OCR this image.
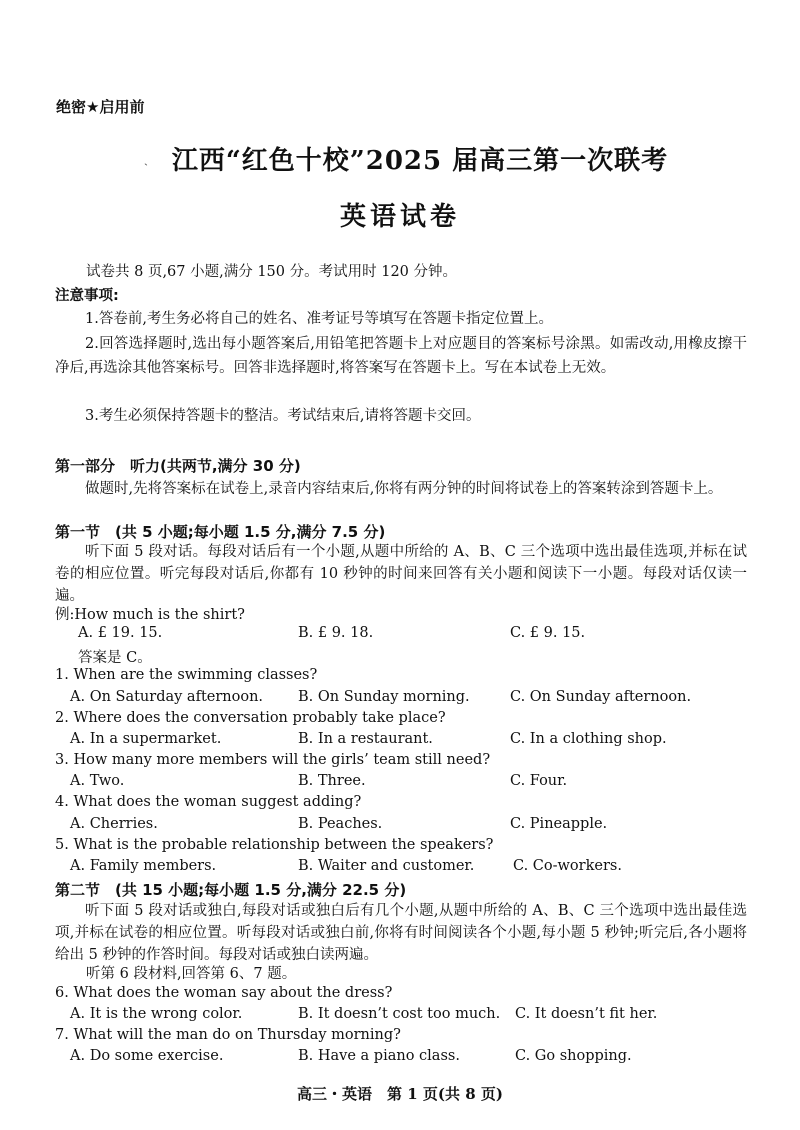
绝密★启用前
ˏ 江西“红色十校”2025 届高三第一次联考
英语试卷
试卷共 8 页,67 小题,满分 150 分。考试用时 120 分钟。
注意事项:
1.答卷前,考生务必将自己的姓名、准考证号等填写在答题卡指定位置上。
2.回答选择题时,选出每小题答案后,用铅笔把答题卡上对应题目的答案标号涂黑。如需改动,用橡皮擦干净后,再选涂其他答案标号。回答非选择题时,将答案写在答题卡上。写在本试卷上无效。
3.考生必须保持答题卡的整洁。考试结束后,请将答题卡交回。
第一部分　听力(共两节,满分 30 分)
做题时,先将答案标在试卷上,录音内容结束后,你将有两分钟的时间将试卷上的答案转涂到答题卡上。
第一节　(共 5 小题;每小题 1.5 分,满分 7.5 分)
听下面 5 段对话。每段对话后有一个小题,从题中所给的 A、B、C 三个选项中选出最佳选项,并标在试卷的相应位置。听完每段对话后,你都有 10 秒钟的时间来回答有关小题和阅读下一小题。每段对话仅读一遍。
例:How much is the shirt?
A. £ 19. 15.	B. £ 9. 18.	C. £ 9. 15.
答案是 C。
1. When are the swimming classes?
A. On Saturday afternoon. B. On Sunday morning.	C. On Sunday afternoon.
2. Where does the conversation probably take place?
A. In a supermarket.	B. In a restaurant.	C. In a clothing shop.
3. How many more members will the girls’ team still need?
A. Two.	B. Three.	C. Four.
4. What does the woman suggest adding?
A. Cherries.	B. Peaches.	C. Pineapple.
5. What is the probable relationship between the speakers?
A. Family members.	B. Waiter and customer.	C. Co-workers.
第二节　(共 15 小题;每小题 1.5 分,满分 22.5 分)
听下面 5 段对话或独白,每段对话或独白后有几个小题,从题中所给的 A、B、C 三个选项中选出最佳选项,并标在试卷的相应位置。听每段对话或独白前,你将有时间阅读各个小题,每小题 5 秒钟;听完后,各小题将给出 5 秒钟的作答时间。每段对话或独白读两遍。
听第 6 段材料,回答第 6、7 题。
6. What does the woman say about the dress?
A. It is the wrong color.	B. It doesn’t cost too much. C. It doesn’t fit her.
7. What will the man do on Thursday morning?
A. Do some exercise.	B. Have a piano class.	C. Go shopping.
高三・英语　第 1 页(共 8 页)
